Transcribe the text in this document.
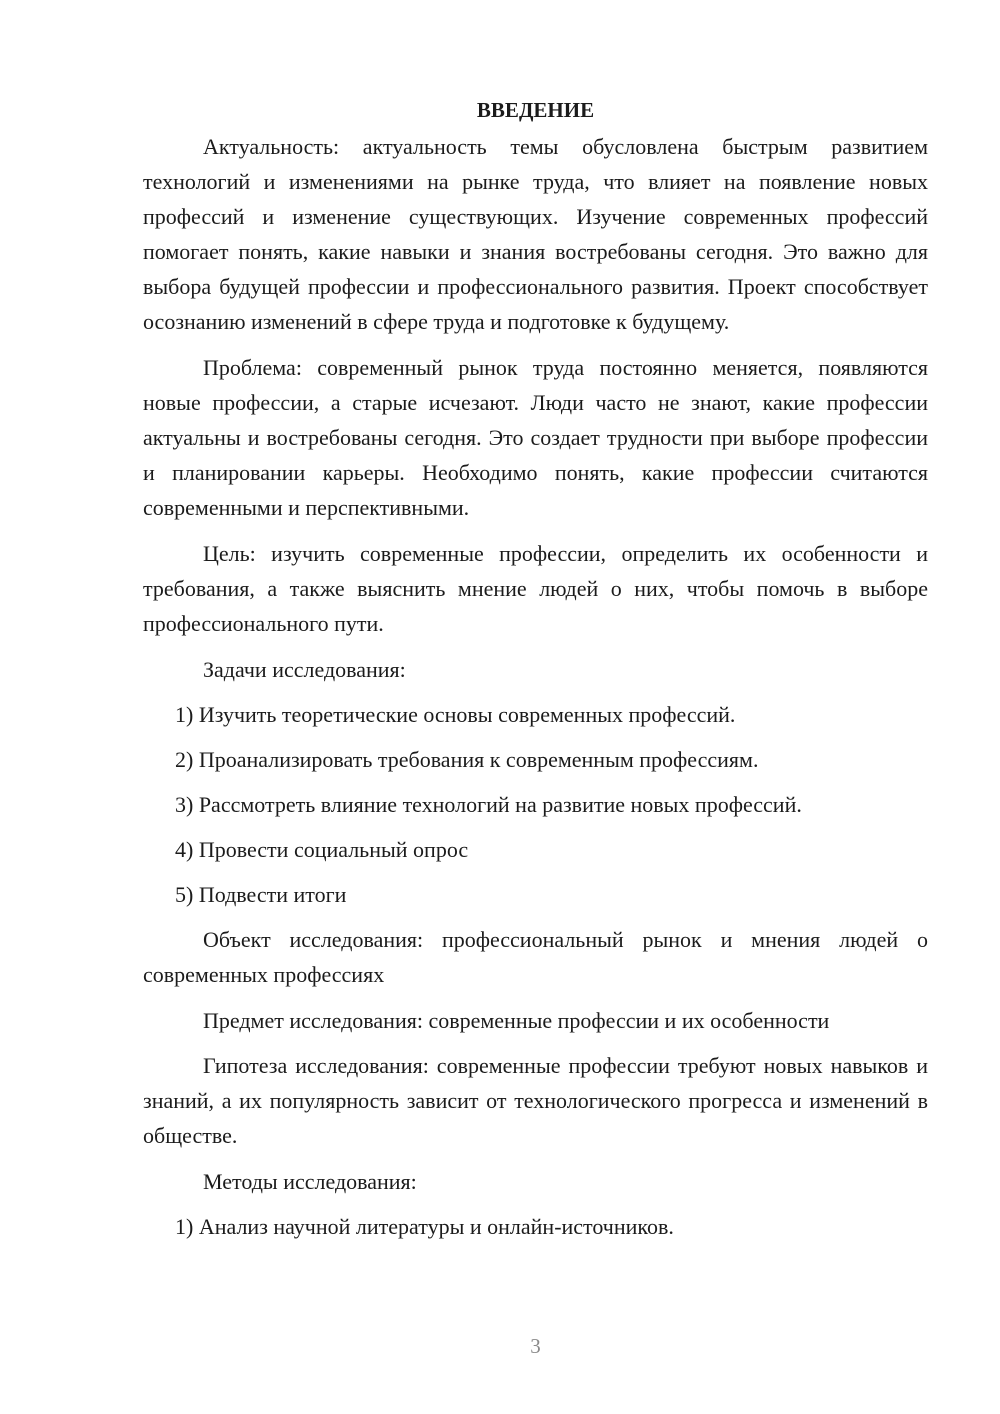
ВВЕДЕНИЕ

Актуальность: актуальность темы обусловлена быстрым развитием технологий и изменениями на рынке труда, что влияет на появление новых профессий и изменение существующих. Изучение современных профессий помогает понять, какие навыки и знания востребованы сегодня. Это важно для выбора будущей профессии и профессионального развития. Проект способствует осознанию изменений в сфере труда и подготовке к будущему.

Проблема: современный рынок труда постоянно меняется, появляются новые профессии, а старые исчезают. Люди часто не знают, какие профессии актуальны и востребованы сегодня. Это создает трудности при выборе профессии и планировании карьеры. Необходимо понять, какие профессии считаются современными и перспективными.

Цель: изучить современные профессии, определить их особенности и требования, а также выяснить мнение людей о них, чтобы помочь в выборе профессионального пути.

Задачи исследования:
1) Изучить теоретические основы современных профессий.
2) Проанализировать требования к современным профессиям.
3) Рассмотреть влияние технологий на развитие новых профессий.
4) Провести социальный опрос
5) Подвести итоги

Объект исследования: профессиональный рынок и мнения людей о современных профессиях

Предмет исследования: современные профессии и их особенности

Гипотеза исследования: современные профессии требуют новых навыков и знаний, а их популярность зависит от технологического прогресса и изменений в обществе.

Методы исследования:
1) Анализ научной литературы и онлайн-источников.
3
